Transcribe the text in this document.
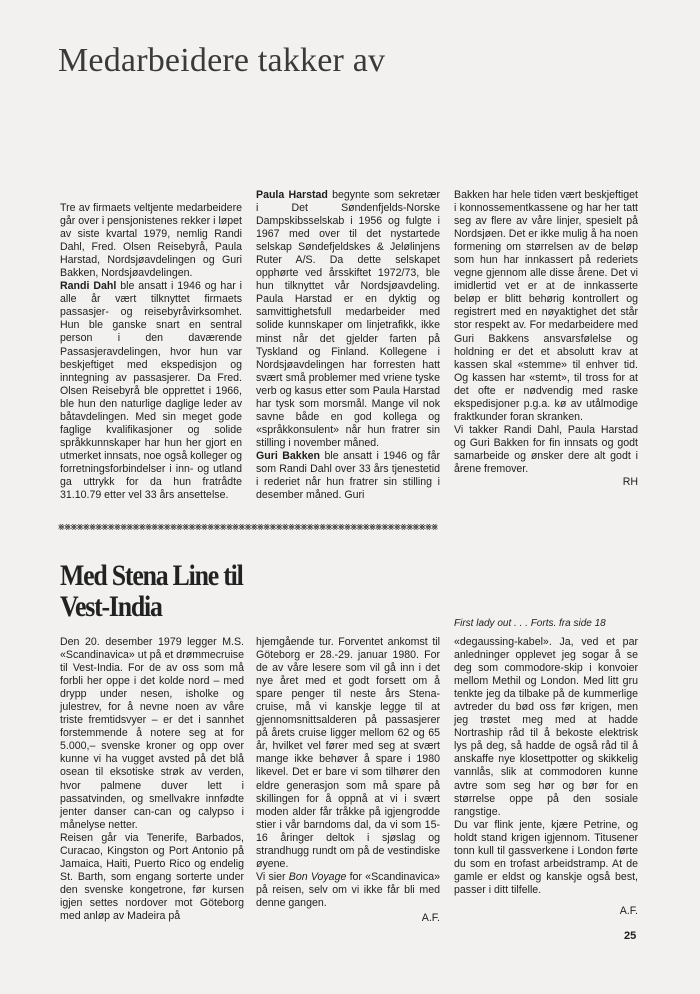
Medarbeidere takker av

Tre av firmaets veltjente medarbeidere går over i pensjonistenes rekker i løpet av siste kvartal 1979, nemlig Randi Dahl, Fred. Olsen Reisebyrå, Paula Harstad, Nordsjøavdelingen og Guri Bakken, Nordsjøavdelingen.

Randi Dahl ble ansatt i 1946 og har i alle år vært tilknyttet firmaets passasjer- og reisebyråvirksomhet. Hun ble ganske snart en sentral person i den daværende Passasjeravdelingen, hvor hun var beskjeftiget med ekspedisjon og inntegning av passasjerer. Da Fred. Olsen Reisebyrå ble opprettet i 1966, ble hun den naturlige daglige leder av båtavdelingen. Med sin meget gode faglige kvalifikasjoner og solide språkkunnskaper har hun her gjort en utmerket innsats, noe også kolleger og forretningsforbindelser i inn- og utland ga uttrykk for da hun fratrådte 31.10.79 etter vel 33 års ansettelse.

Paula Harstad begynte som sekretær i Det Søndenfjelds-Norske Dampskibsselskab i 1956 og fulgte i 1967 med over til det nystartede selskap Søndefjeldskes & Jelølinjens Ruter A/S. Da dette selskapet opphørte ved årsskiftet 1972/73, ble hun tilknyttet vår Nordsjøavdeling. Paula Harstad er en dyktig og samvittighetsfull medarbeider med solide kunnskaper om linjetrafikk, ikke minst når det gjelder farten på Tyskland og Finland. Kollegene i Nordsjøavdelingen har forresten hatt svært små problemer med vriene tyske verb og kasus etter som Paula Harstad har tysk som morsmål. Mange vil nok savne både en god kollega og «språkkonsulent» når hun fratrer sin stilling i november måned.

Guri Bakken ble ansatt i 1946 og får som Randi Dahl over 33 års tjenestetid i rederiet når hun fratrer sin stilling i desember måned. Guri

Bakken har hele tiden vært beskjeftiget i konnossementkassene og har her tatt seg av flere av våre linjer, spesielt på Nordsjøen. Det er ikke mulig å ha noen formening om størrelsen av de beløp som hun har innkassert på rederiets vegne gjennom alle disse årene. Det vi imidlertid vet er at de innkasserte beløp er blitt behørig kontrollert og registrert med en nøyaktighet det står stor respekt av. For medarbeidere med Guri Bakkens ansvarsfølelse og holdning er det et absolutt krav at kassen skal «stemme» til enhver tid. Og kassen har «stemt», til tross for at det ofte er nødvendig med raske ekspedisjoner p.g.a. kø av utålmodige fraktkunder foran skranken.

Vi takker Randi Dahl, Paula Harstad og Guri Bakken for fin innsats og godt samarbeide og ønsker dere alt godt i årene fremover.

RH

⨳⨳⨳⨳⨳⨳⨳⨳⨳⨳⨳⨳⨳⨳⨳⨳⨳⨳⨳⨳⨳⨳⨳⨳⨳⨳⨳⨳⨳⨳⨳⨳⨳⨳⨳⨳⨳⨳⨳⨳⨳⨳⨳⨳⨳⨳⨳⨳⨳⨳⨳⨳⨳⨳⨳⨳⨳⨳⨳⨳⨳
Med Stena Line til
Vest-India

Den 20. desember 1979 legger M.S. «Scandinavica» ut på et drømmecruise til Vest-India. For de av oss som må forbli her oppe i det kolde nord – med drypp under nesen, isholke og julestrev, for å nevne noen av våre triste fremtidsvyer – er det i sannhet forstemmende å notere seg at for 5.000,– svenske kroner og opp over kunne vi ha vugget avsted på det blå osean til eksotiske strøk av verden, hvor palmene duver lett i passatvinden, og smellvakre innfødte jenter danser can-can og calypso i månelyse netter.

Reisen går via Tenerife, Barbados, Curacao, Kingston og Port Antonio på Jamaica, Haiti, Puerto Rico og endelig St. Barth, som engang sorterte under den svenske kongetrone, før kursen igjen settes nordover mot Göteborg med anløp av Madeira på

hjemgående tur. Forventet ankomst til Göteborg er 28.-29. januar 1980. For de av våre lesere som vil gå inn i det nye året med et godt forsett om å spare penger til neste års Stena-cruise, må vi kanskje legge til at gjennomsnittsalderen på passasjerer på årets cruise ligger mellom 62 og 65 år, hvilket vel fører med seg at svært mange ikke behøver å spare i 1980 likevel. Det er bare vi som tilhører den eldre generasjon som må spare på skillingen for å oppnå at vi i svært moden alder får tråkke på igjengrodde stier i vår barndoms dal, da vi som 15-16 åringer deltok i sjøslag og strandhugg rundt om på de vestindiske øyene.

Vi sier Bon Voyage for «Scandinavica» på reisen, selv om vi ikke får bli med denne gangen.

A.F.

First lady out . . . Forts. fra side 18

«degaussing-kabel». Ja, ved et par anledninger opplevet jeg sogar å se deg som commodore-skip i konvoier mellom Methil og London. Med litt gru tenkte jeg da tilbake på de kummerlige avtreder du bød oss før krigen, men jeg trøstet meg med at hadde Nortraship råd til å bekoste elektrisk lys på deg, så hadde de også råd til å anskaffe nye klosettpotter og skikkelig vannlås, slik at commodoren kunne avtre som seg hør og bør for en størrelse oppe på den sosiale rangstige.

Du var flink jente, kjære Petrine, og holdt stand krigen igjennom. Titusener tonn kull til gassverkene i London førte du som en trofast arbeidstramp. At de gamle er eldst og kanskje også best, passer i ditt tilfelle.

A.F.

25
